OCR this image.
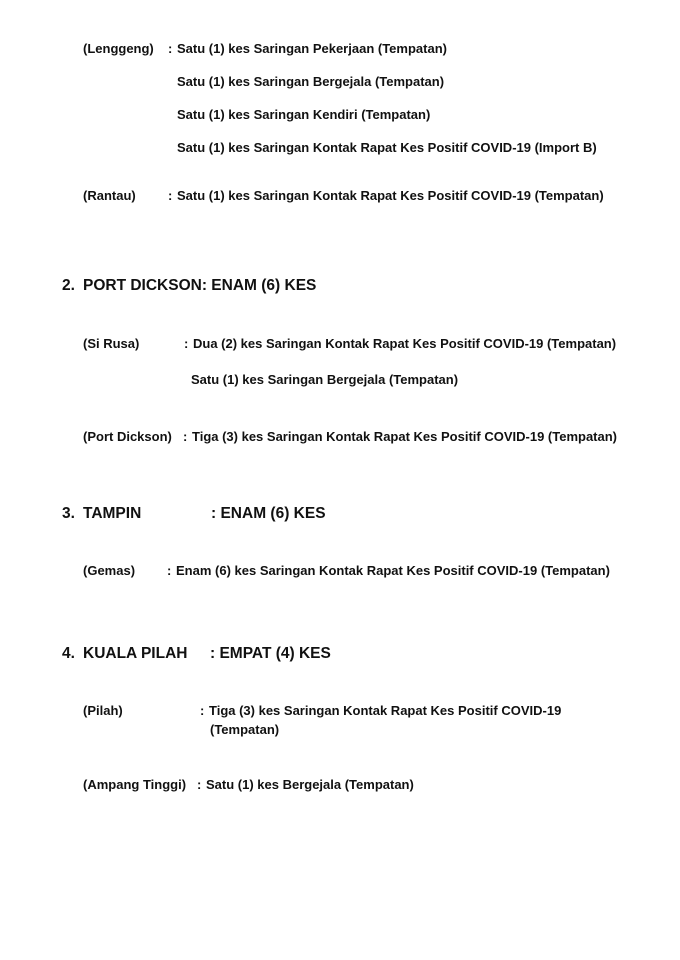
(Lenggeng) : Satu (1) kes Saringan Pekerjaan (Tempatan)
Satu (1) kes Saringan Bergejala (Tempatan)
Satu (1) kes Saringan Kendiri (Tempatan)
Satu (1) kes Saringan Kontak Rapat Kes Positif COVID-19 (Import B)
(Rantau) : Satu (1) kes Saringan Kontak Rapat Kes Positif COVID-19 (Tempatan)
2. PORT DICKSON: ENAM (6) KES
(Si Rusa)	: Dua (2) kes Saringan Kontak Rapat Kes Positif COVID-19 (Tempatan)
Satu (1) kes Saringan Bergejala (Tempatan)
(Port Dickson) : Tiga (3) kes Saringan Kontak Rapat Kes Positif COVID-19 (Tempatan)
3. TAMPIN	: ENAM (6) KES
(Gemas) : Enam (6) kes Saringan Kontak Rapat Kes Positif COVID-19 (Tempatan)
4. KUALA PILAH : EMPAT (4) KES
(Pilah)	: Tiga (3) kes Saringan Kontak Rapat Kes Positif COVID-19
(Tempatan)
(Ampang Tinggi) : Satu (1) kes Bergejala (Tempatan)
